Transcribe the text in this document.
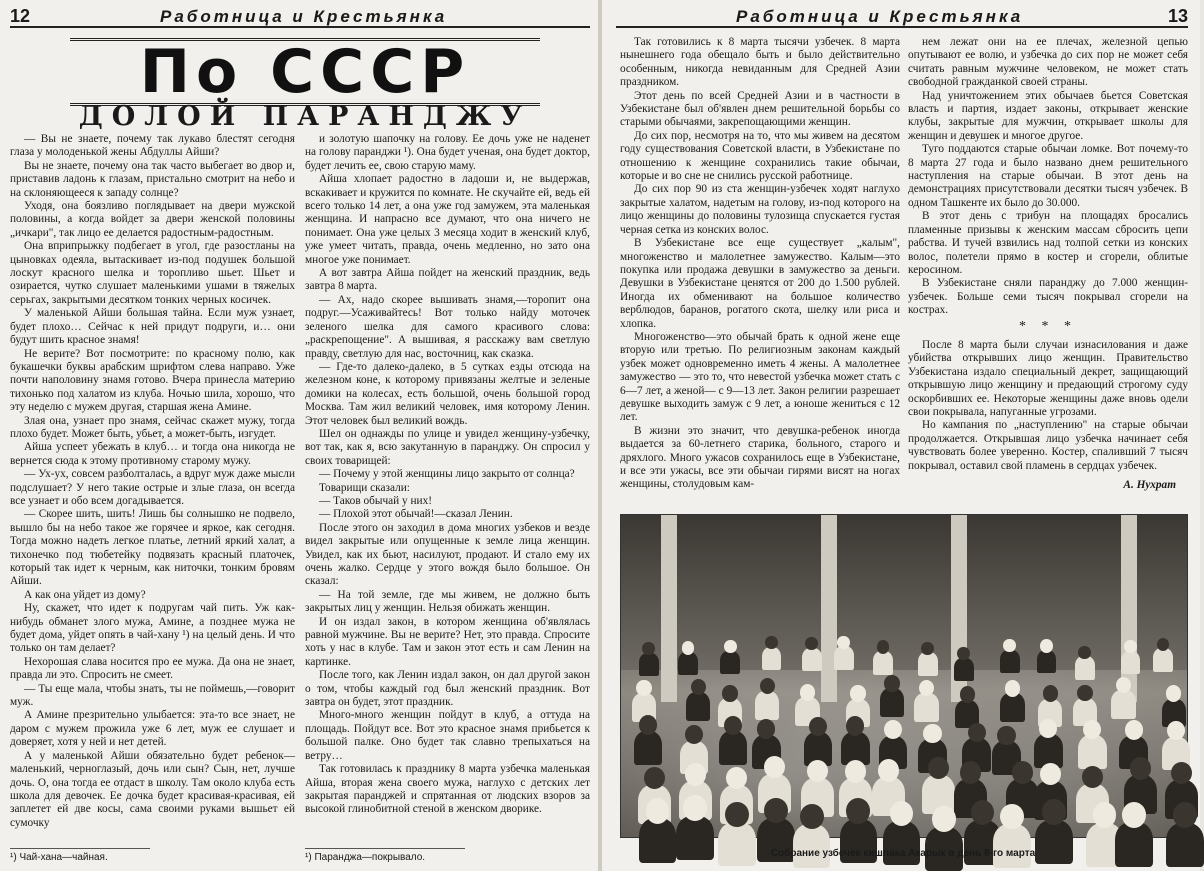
12	Работница и Крестьянка
По СССР
ДОЛОЙ ПАРАНДЖУ

— Вы не знаете, почему так лукаво блестят сегодня глаза у молоденькой жены Абдуллы Айши?

Вы не знаете, почему она так часто выбегает во двор и, приставив ладонь к глазам, пристально смотрит на небо и на склоняющееся к западу солнце?

Уходя, она боязливо поглядывает на двери мужской половины, а когда войдет за двери женской половины „ичкари", так лицо ее делается радостным-радостным.

Она вприпрыжку подбегает в угол, где разостланы на цыновках одеяла, вытаскивает из-под подушек большой лоскут красного шелка и торопливо шьет. Шьет и озирается, чутко слушает маленькими ушами в тяжелых серьгах, закрытыми десятком тонких черных косичек.

У маленькой Айши большая тайна. Если муж узнает, будет плохо… Сейчас к ней придут подруги, и… они будут шить красное знамя!

Не верите? Вот посмотрите: по красному полю, как букашечки буквы арабским шрифтом слева направо. Уже почти наполовину знамя готово. Вчера принесла материю тихонько под халатом из клуба. Ночью шила, хорошо, что эту неделю с мужем другая, старшая жена Амине.

Злая она, узнает про знамя, сейчас скажет мужу, тогда плохо будет. Может быть, убьет, а может-быть, изгудет.

Айша успеет убежать в клуб… и тогда она никогда не вернется сюда к этому противному старому мужу.

— Ух-ух, совсем разболталась, а вдруг муж даже мысли подслушает? У него такие острые и злые глаза, он всегда все узнает и обо всем догадывается.

— Скорее шить, шить! Лишь бы солнышко не подвело, вышло бы на небо такое же горячее и яркое, как сегодня. Тогда можно надеть легкое платье, летний яркий халат, а тихонечко под тюбетейку подвязать красный платочек, который так идет к черным, как ниточки, тонким бровям Айши.

А как она уйдет из дому?

Ну, скажет, что идет к подругам чай пить. Уж как-нибудь обманет злого мужа, Амине, а позднее мужа не будет дома, уйдет опять в чай-хану ¹) на целый день. И что только он там делает?

Нехорошая слава носится про ее мужа. Да она не знает, правда ли это. Спросить не смеет.

— Ты еще мала, чтобы знать, ты не поймешь,—говорит муж.

А Амине презрительно улыбается: эта-то все знает, не даром с мужем прожила уже 6 лет, муж ее слушает и доверяет, хотя у ней и нет детей.

А у маленькой Айши обязательно будет ребенок—маленький, черноглазый, дочь или сын? Сын, нет, лучше дочь. О, она тогда ее отдаст в школу. Там около клуба есть школа для девочек. Ее дочка будет красивая-красивая, ей заплетет ей две косы, сама своими руками вышьет ей сумочку

и золотую шапочку на голову. Ее дочь уже не наденет на голову паранджи ¹). Она будет ученая, она будет доктор, будет лечить ее, свою старую маму.

Айша хлопает радостно в ладоши и, не выдержав, вскакивает и кружится по комнате. Не скучайте ей, ведь ей всего только 14 лет, а она уже год замужем, эта маленькая женщина. И напрасно все думают, что она ничего не понимает. Она уже целых 3 месяца ходит в женский клуб, уже умеет читать, правда, очень медленно, но зато она многое уже понимает.

А вот завтра Айша пойдет на женский праздник, ведь завтра 8 марта.

— Ах, надо скорее вышивать знамя,—торопит она подруг.—Усаживайтесь! Вот только найду моточек зеленого шелка для самого красивого слова: „раскрепощение". А вышивая, я расскажу вам светлую правду, светлую для нас, восточниц, как сказка.

— Где-то далеко-далеко, в 5 сутках езды отсюда на железном коне, к которому привязаны желтые и зеленые домики на колесах, есть большой, очень большой город Москва. Там жил великий человек, имя которому Ленин. Этот человек был великий вождь.

Шел он однажды по улице и увидел женщину-узбечку, вот так, как я, всю закутанную в паранджу. Он спросил у своих товарищей:

— Почему у этой женщины лицо закрыто от солнца?

Товарищи сказали:

— Таков обычай у них!

— Плохой этот обычай!—сказал Ленин.

После этого он заходил в дома многих узбеков и везде видел закрытые или опущенные к земле лица женщин. Увидел, как их бьют, насилуют, продают. И стало ему их очень жалко. Сердце у этого вождя было большое. Он сказал:

— На той земле, где мы живем, не должно быть закрытых лиц у женщин. Нельзя обижать женщин.

И он издал закон, в котором женщина об'являлась равной мужчине. Вы не верите? Нет, это правда. Спросите хоть у нас в клубе. Там и закон этот есть и сам Ленин на картинке.

После того, как Ленин издал закон, он дал другой закон о том, чтобы каждый год был женский праздник. Вот завтра он будет, этот праздник.

Много-много женщин пойдут в клуб, а оттуда на площадь. Пойдут все. Вот это красное знамя прибьется к большой палке. Оно будет так славно трепыхаться на ветру…

Так готовилась к празднику 8 марта узбечка маленькая Айша, вторая жена своего мужа, наглухо с детских лет закрытая паранджей и спрятанная от людских взоров за высокой глинобитной стеной в женском дворике.

¹) Чай-хана—чайная.	¹) Паранджа—покрывало.
Работница и Крестьянка	13

Так готовились к 8 марта тысячи узбечек. 8 марта нынешнего года обещало быть и было действительно особенным, никогда невиданным для Средней Азии праздником.

Этот день по всей Средней Азии и в частности в Узбекистане был об'явлен днем решительной борьбы со старыми обычаями, закрепощающими женщин.

До сих пор, несмотря на то, что мы живем на десятом году существования Советской власти, в Узбекистане по отношению к женщине сохранились такие обычаи, которые и во сне не снились русской работнице.

До сих пор 90 из ста женщин-узбечек ходят наглухо закрытые халатом, надетым на голову, из-под которого на лицо женщины до половины тулозища спускается густая черная сетка из конских волос.

В Узбекистане все еще существует „калым", многоженство и малолетнее замужество. Калым—это покупка или продажа девушки в замужество за деньги. Девушки в Узбекистане ценятся от 200 до 1.500 рублей. Иногда их обменивают на большое количество верблюдов, баранов, рогатого скота, шелку или риса и хлопка.

Многоженство—это обычай брать к одной жене еще вторую или третью. По религиозным законам каждый узбек может одновременно иметь 4 жены. А малолетнее замужество — это то, что невестой узбечка может стать с 6—7 лет, а женой— с 9—13 лет. Закон религии разрешает девушке выходить замуж с 9 лет, а юноше жениться с 12 лет.

В жизни это значит, что девушка-ребенок иногда выдается за 60-летнего старика, больного, старого и дряхлого. Много ужасов сохранилось еще в Узбекистане, и все эти ужасы, все эти обычаи гирями висят на ногах женщины, столудовым кам-

нем лежат они на ее плечах, железной цепью опутывают ее волю, и узбечка до сих пор не может себя считать равным мужчине человеком, не может стать свободной гражданкой своей страны.

Над уничтожением этих обычаев бьется Советская власть и партия, издает законы, открывает женские клубы, закрытые для мужчин, открывает школы для женщин и девушек и многое другое.

Туго поддаются старые обычаи ломке. Вот почему-то 8 марта 27 года и было названо днем решительного наступления на старые обычаи. В этот день на демонстрациях присутствовали десятки тысяч узбечек. В одном Ташкенте их было до 30.000.

В этот день с трибун на площадях бросались пламенные призывы к женским массам сбросить цепи рабства. И тучей взвились над толпой сетки из конских волос, полетели прямо в костер и сгорели, облитые керосином.

В Узбекистане сняли паранджу до 7.000 женщин-узбечек. Больше семи тысяч покрывал сгорели на кострах.

* * *

После 8 марта были случаи изнасилования и даже убийства открывших лицо женщин. Правительство Узбекистана издало специальный декрет, защищающий открывшую лицо женщину и предающий строгому суду оскорбивших ее. Некоторые женщины даже вновь одели свои покрывала, напуганные угрозами.

Но кампания по „наступлению" на старые обычаи продолжается. Открывшая лицо узбечка начинает себя чувствовать более уверенно. Костер, спаливший 7 тысяч покрывал, оставил свой пламень в сердцах узбечек.

А. Нухрат
Собрание узбечек кишлака Акарык в день 8-го марта
